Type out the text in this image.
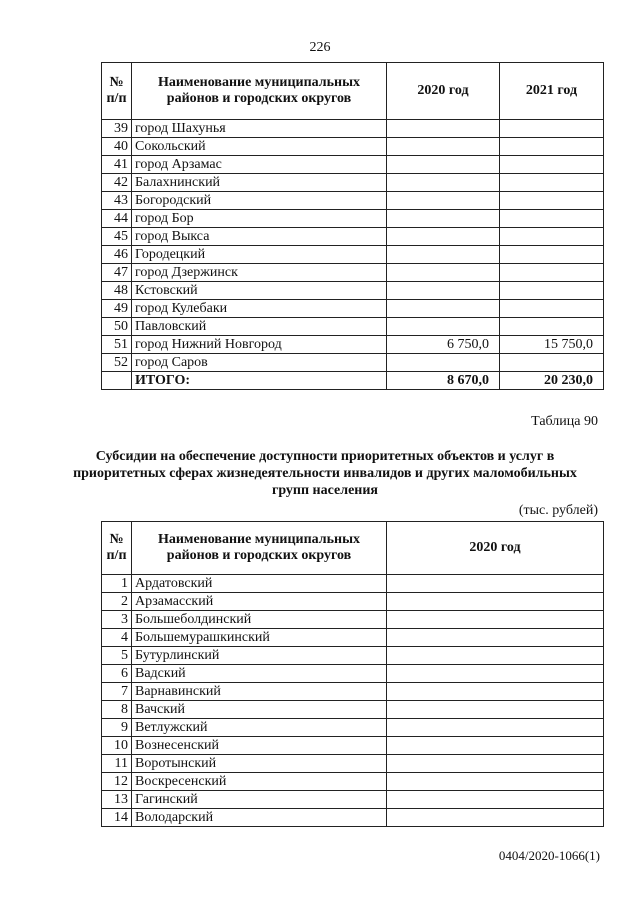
226
№ п/п	Наименование муниципальных районов и городских округов	2020 год	2021 год
39	город Шахунья		
40	Сокольский		
41	город Арзамас		
42	Балахнинский		
43	Богородский		
44	город Бор		
45	город Выкса		
46	Городецкий		
47	город Дзержинск		
48	Кстовский		
49	город Кулебаки		
50	Павловский		
51	город Нижний Новгород	6 750,0	15 750,0
52	город Саров		
	ИТОГО:	8 670,0	20 230,0
Таблица 90
Субсидии на обеспечение доступности приоритетных объектов и услуг в приоритетных сферах жизнедеятельности инвалидов и других маломобильных групп населения
(тыс. рублей)
№ п/п	Наименование муниципальных районов и городских округов	2020 год
1	Ардатовский	
2	Арзамасский	
3	Большеболдинский	
4	Большемурашкинский	
5	Бутурлинский	
6	Вадский	
7	Варнавинский	
8	Вачский	
9	Ветлужский	
10	Вознесенский	
11	Воротынский	
12	Воскресенский	
13	Гагинский	
14	Володарский	
0404/2020-1066(1)
